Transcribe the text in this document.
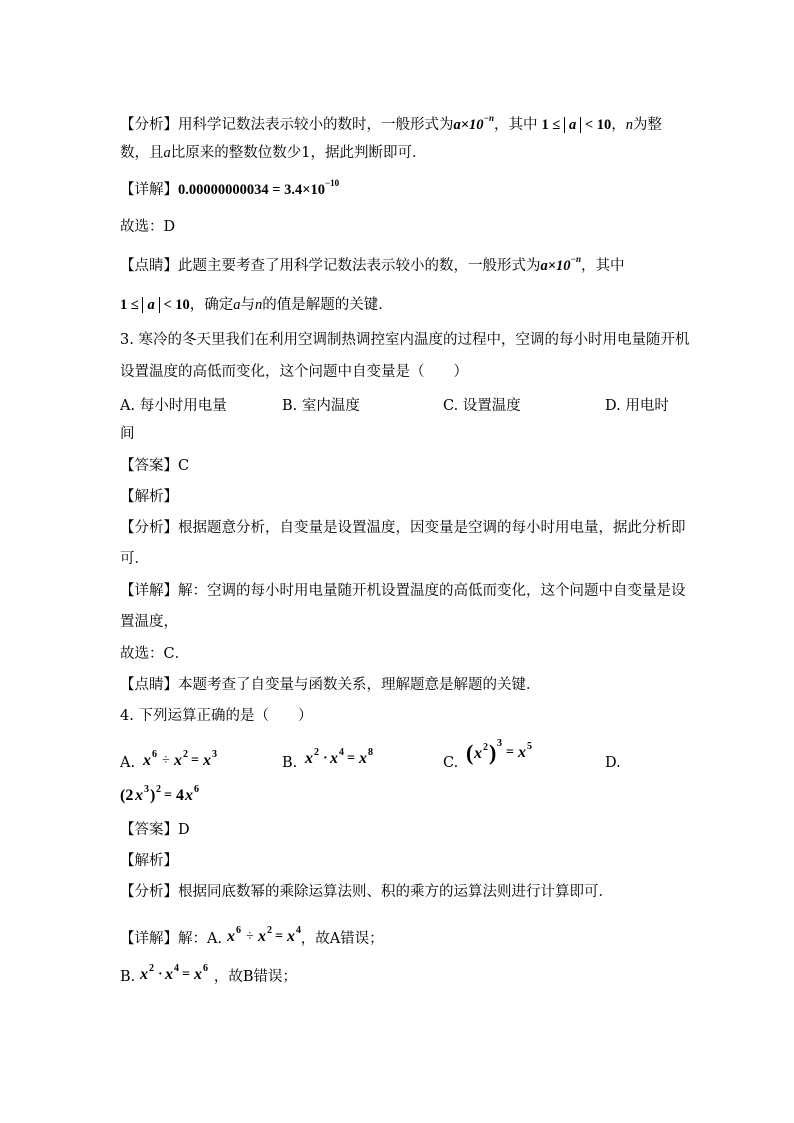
【分析】用科学记数法表示较小的数时，一般形式为$a\times 10^{-n}$，其中 1 ≤ a < 10，n为整
数，且a比原来的整数位数少1，据此判断即可．
【详解】$0.00000000034 = 3.4\times 10^{-10}$
故选：D
【点睛】此题主要考查了用科学记数法表示较小的数，一般形式为$a\times 10^{-n}$，其中
1 ≤ a < 10，确定a与n的值是解题的关键．
3. 寒冷的冬天里我们在利用空调制热调控室内温度的过程中，空调的每小时用电量随开机
设置温度的高低而变化，这个问题中自变量是（　　）
A. 每小时用电量	B. 室内温度	C. 设置温度	D. 用电时
间
【答案】C
【解析】
【分析】根据题意分析，自变量是设置温度，因变量是空调的每小时用电量，据此分析即
可．
【详解】解：空调的每小时用电量随开机设置温度的高低而变化，这个问题中自变量是设
置温度，
故选：C．
【点睛】本题考查了自变量与函数关系，理解题意是解题的关键．
4. 下列运算正确的是（　　）
A. x 6 ÷ x 2 = x 3
B. x 2 · x 4 = x 8
C. ( x 2 ) 3
= x 5
D.
(2 x 3 ) 2 = 4 x 6
【答案】D
【解析】
【分析】根据同底数幂的乘除运算法则、积的乘方的运算法则进行计算即可．
【详解】解：A. x 6 ÷ x 2 = x 4
，故A错误；
B. x 2 · x 4 = x 6
，故B错误；
